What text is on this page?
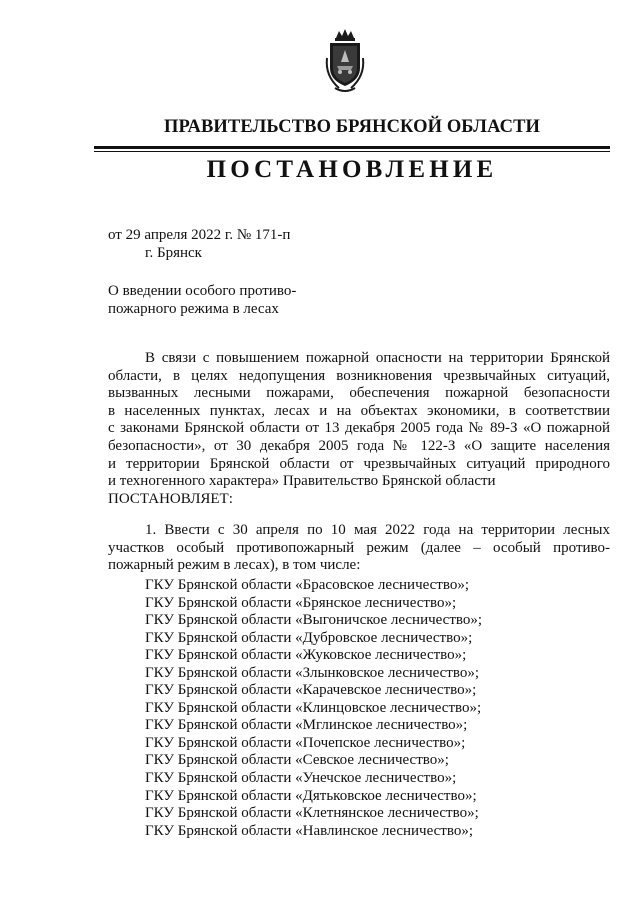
ПРАВИТЕЛЬСТВО БРЯНСКОЙ ОБЛАСТИ
ПОСТАНОВЛЕНИЕ
от 29 апреля 2022 г. № 171-п
г. Брянск
О введении особого противо-
пожарного режима в лесах
В связи с повышением пожарной опасности на территории Брянской
области, в целях недопущения возникновения чрезвычайных ситуаций,
вызванных лесными пожарами, обеспечения пожарной безопасности
в населенных пунктах, лесах и на объектах экономики, в соответствии
с законами Брянской области от 13 декабря 2005 года № 89-З «О пожарной
безопасности», от 30 декабря 2005 года № 122-З «О защите населения
и территории Брянской области от чрезвычайных ситуаций природного
и техногенного характера» Правительство Брянской области
ПОСТАНОВЛЯЕТ:
1. Ввести с 30 апреля по 10 мая 2022 года на территории лесных
участков особый противопожарный режим (далее – особый противо-
пожарный режим в лесах), в том числе:
ГКУ Брянской области «Брасовское лесничество»;
ГКУ Брянской области «Брянское лесничество»;
ГКУ Брянской области «Выгоничское лесничество»;
ГКУ Брянской области «Дубровское лесничество»;
ГКУ Брянской области «Жуковское лесничество»;
ГКУ Брянской области «Злынковское лесничество»;
ГКУ Брянской области «Карачевское лесничество»;
ГКУ Брянской области «Клинцовское лесничество»;
ГКУ Брянской области «Мглинское лесничество»;
ГКУ Брянской области «Почепское лесничество»;
ГКУ Брянской области «Севское лесничество»;
ГКУ Брянской области «Унечское лесничество»;
ГКУ Брянской области «Дятьковское лесничество»;
ГКУ Брянской области «Клетнянское лесничество»;
ГКУ Брянской области «Навлинское лесничество»;
